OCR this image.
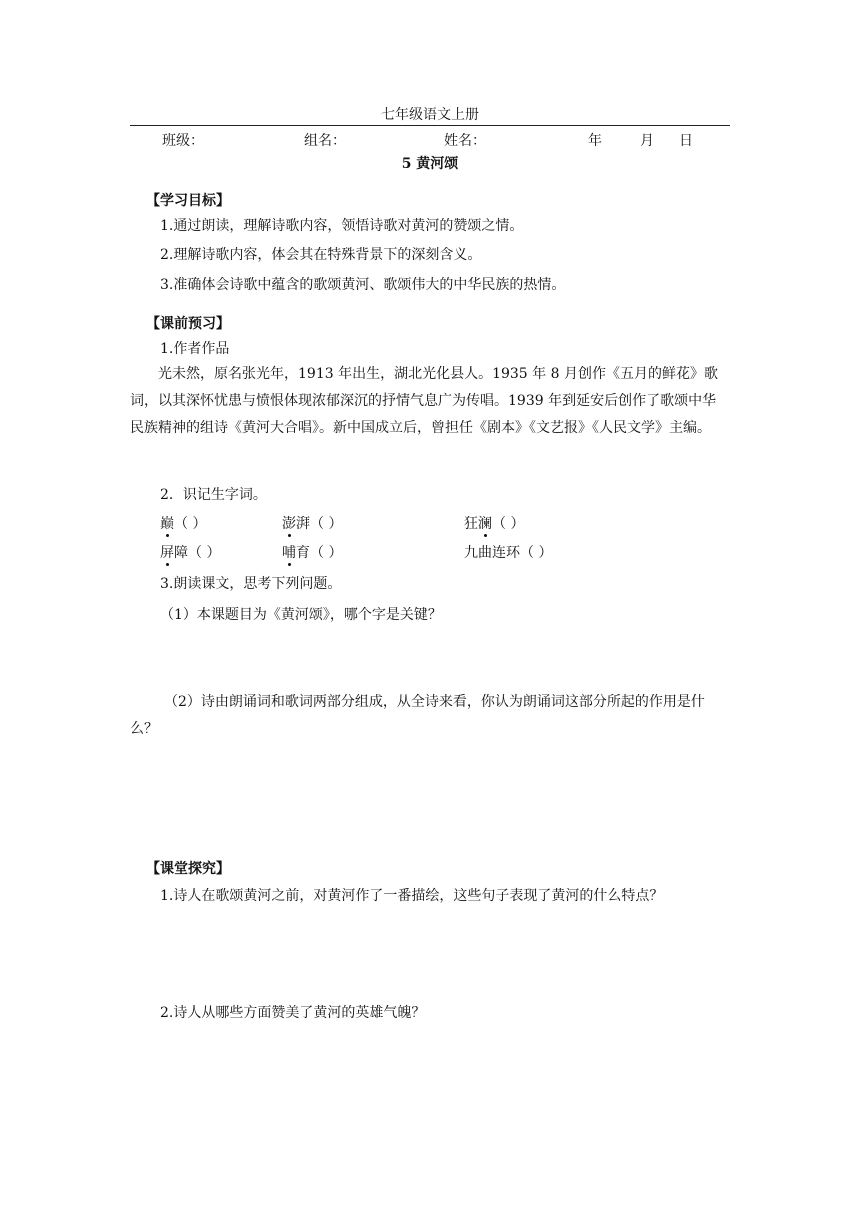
七年级语文上册
班级：	组名：	姓名：	年	月 日
5 黄河颂
【学习目标】
1.通过朗读，理解诗歌内容，领悟诗歌对黄河的赞颂之情。
2.理解诗歌内容，体会其在特殊背景下的深刻含义。
3.准确体会诗歌中蕴含的歌颂黄河、歌颂伟大的中华民族的热情。
【课前预习】
1.作者作品
光未然，原名张光年，1913 年出生，湖北光化县人。1935 年 8 月创作《五月的鲜花》歌词，以其深怀忧患与愤恨体现浓郁深沉的抒情气息广为传唱。1939 年到延安后创作了歌颂中华民族精神的组诗《黄河大合唱》。新中国成立后，曾担任《剧本》《文艺报》《人民文学》主编。
2．识记生字词。
巅（ ）	澎湃（ ）	狂澜（ ）
屏障（ ）	哺育（ ）	九曲连环（ ）
3.朗读课文，思考下列问题。
（1）本课题目为《黄河颂》，哪个字是关键？
（2）诗由朗诵词和歌词两部分组成，从全诗来看，你认为朗诵词这部分所起的作用是什么？
【课堂探究】
1.诗人在歌颂黄河之前，对黄河作了一番描绘，这些句子表现了黄河的什么特点？
2.诗人从哪些方面赞美了黄河的英雄气魄？
